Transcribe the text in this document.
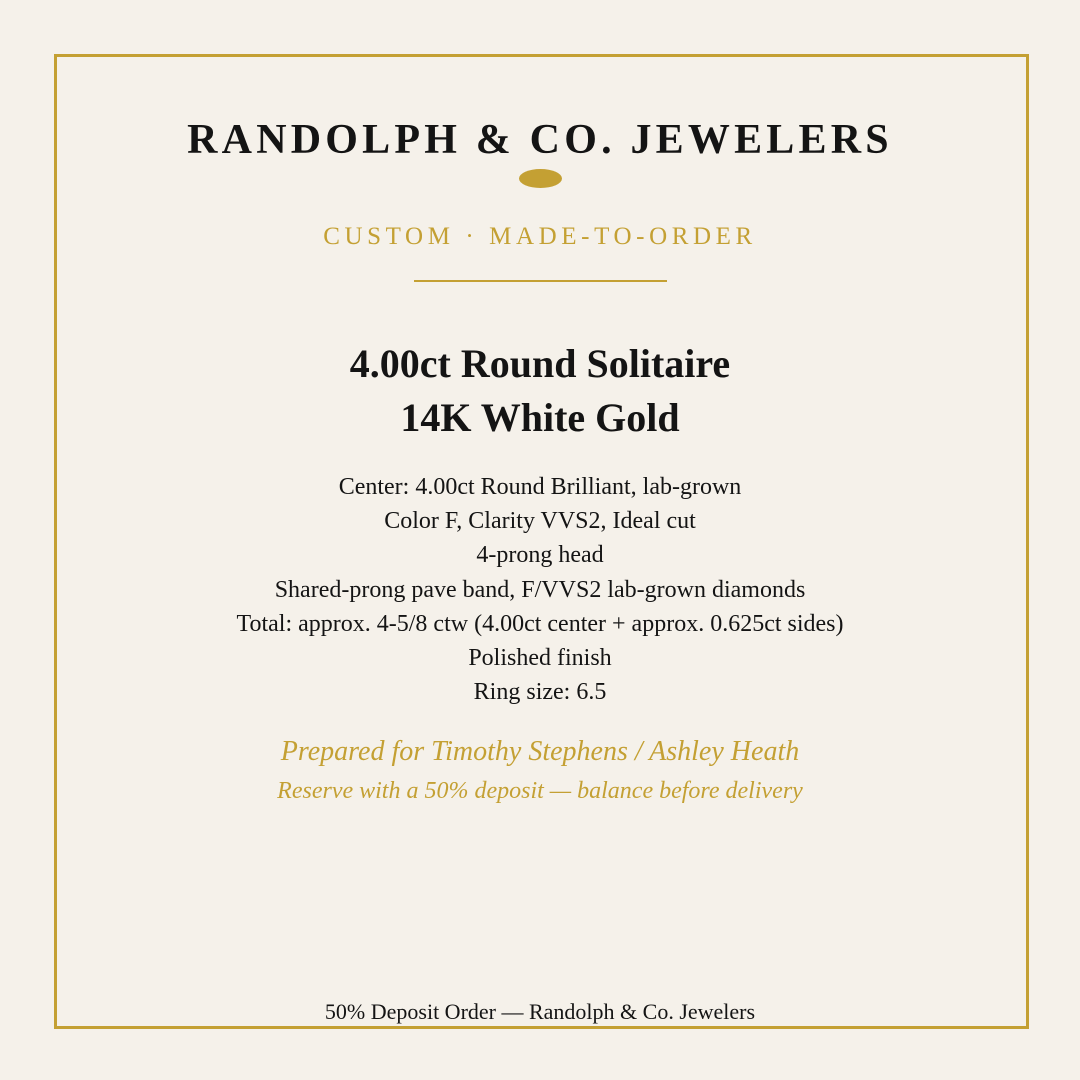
RANDOLPH & CO. JEWELERS
CUSTOM · MADE-TO-ORDER
4.00ct Round Solitaire
14K White Gold
Center: 4.00ct Round Brilliant, lab-grown
Color F, Clarity VVS2, Ideal cut
4-prong head
Shared-prong pave band, F/VVS2 lab-grown diamonds
Total: approx. 4-5/8 ctw (4.00ct center + approx. 0.625ct sides)
Polished finish
Ring size: 6.5
Prepared for Timothy Stephens / Ashley Heath
Reserve with a 50% deposit — balance before delivery
50% Deposit Order — Randolph & Co. Jewelers
